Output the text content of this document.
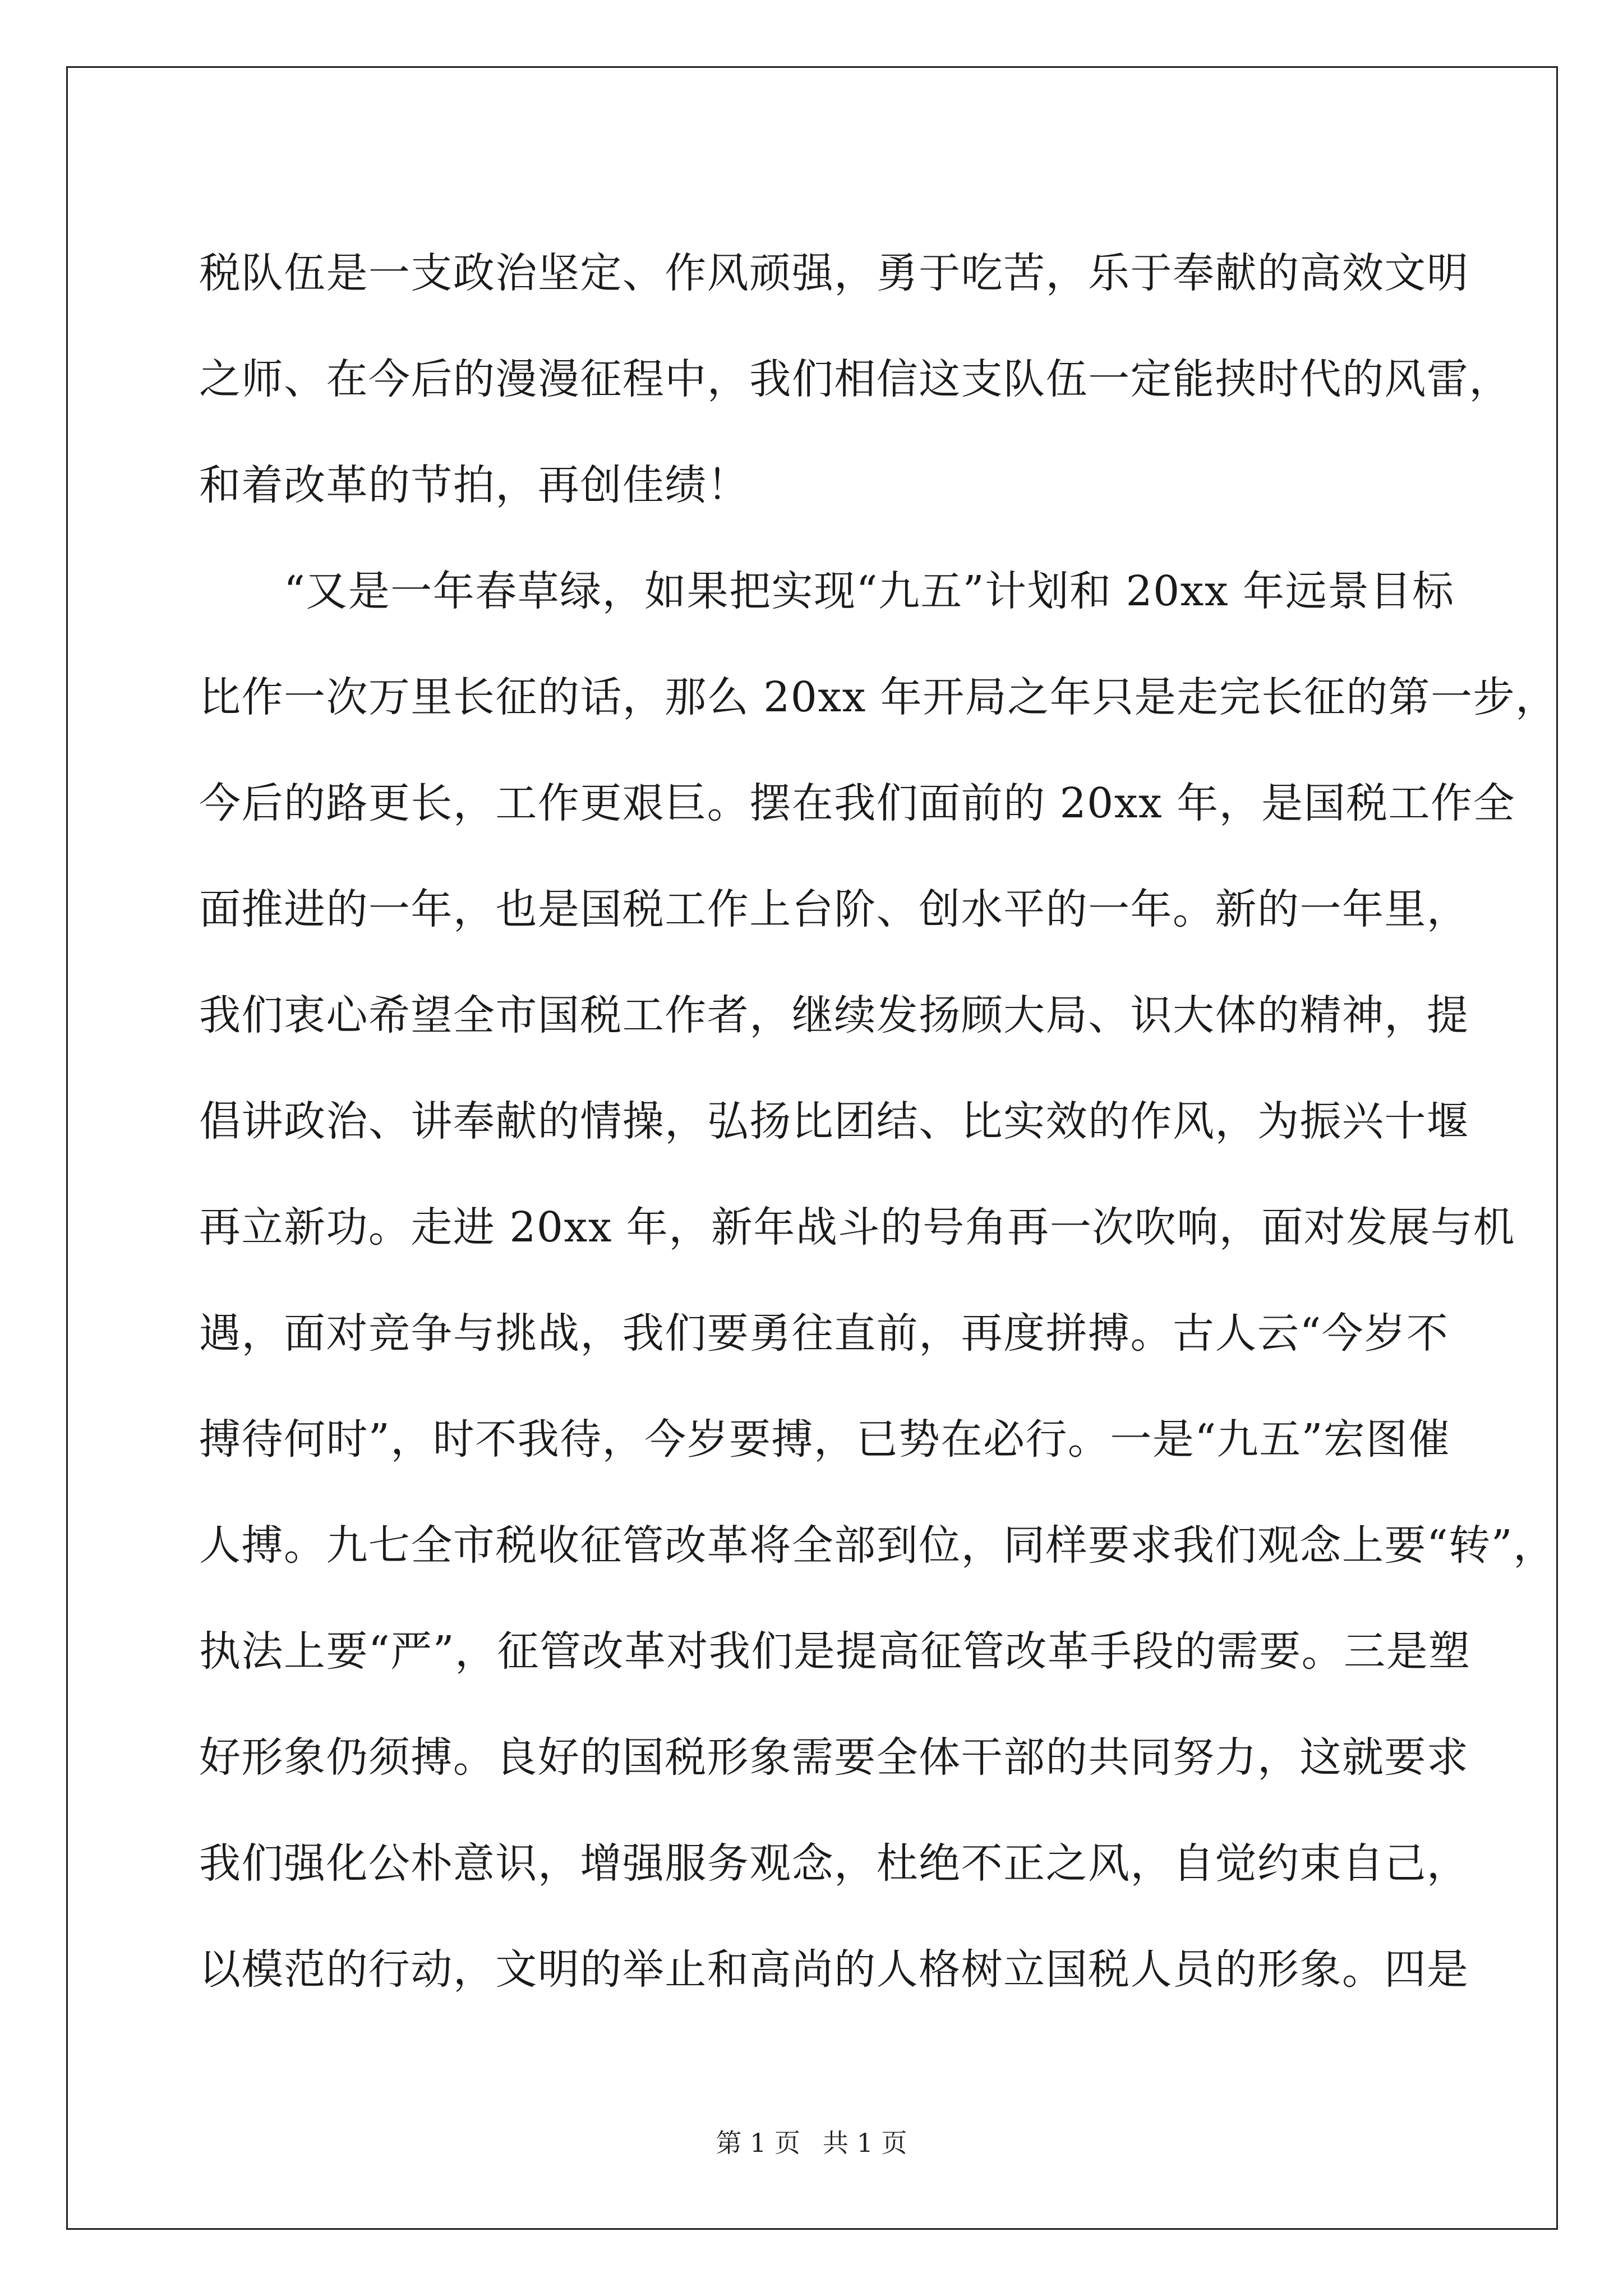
税队伍是一支政治坚定、作风顽强，勇于吃苦，乐于奉献的高效文明
之师、在今后的漫漫征程中，我们相信这支队伍一定能挟时代的风雷，
和着改革的节拍，再创佳绩！
　　“又是一年春草绿，如果把实现“九五”计划和 20xx 年远景目标
比作一次万里长征的话，那么 20xx 年开局之年只是走完长征的第一步，
今后的路更长，工作更艰巨。摆在我们面前的 20xx 年，是国税工作全
面推进的一年，也是国税工作上台阶、创水平的一年。新的一年里，
我们衷心希望全市国税工作者，继续发扬顾大局、识大体的精神，提
倡讲政治、讲奉献的情操，弘扬比团结、比实效的作风，为振兴十堰
再立新功。走进 20xx 年，新年战斗的号角再一次吹响，面对发展与机
遇，面对竞争与挑战，我们要勇往直前，再度拼搏。古人云“今岁不
搏待何时”，时不我待，今岁要搏，已势在必行。一是“九五”宏图催
人搏。九七全市税收征管改革将全部到位，同样要求我们观念上要“转”，
执法上要“严”，征管改革对我们是提高征管改革手段的需要。三是塑
好形象仍须搏。良好的国税形象需要全体干部的共同努力，这就要求
我们强化公朴意识，增强服务观念，杜绝不正之风，自觉约束自己，
以模范的行动，文明的举止和高尚的人格树立国税人员的形象。四是
第 1 页 共 1 页
